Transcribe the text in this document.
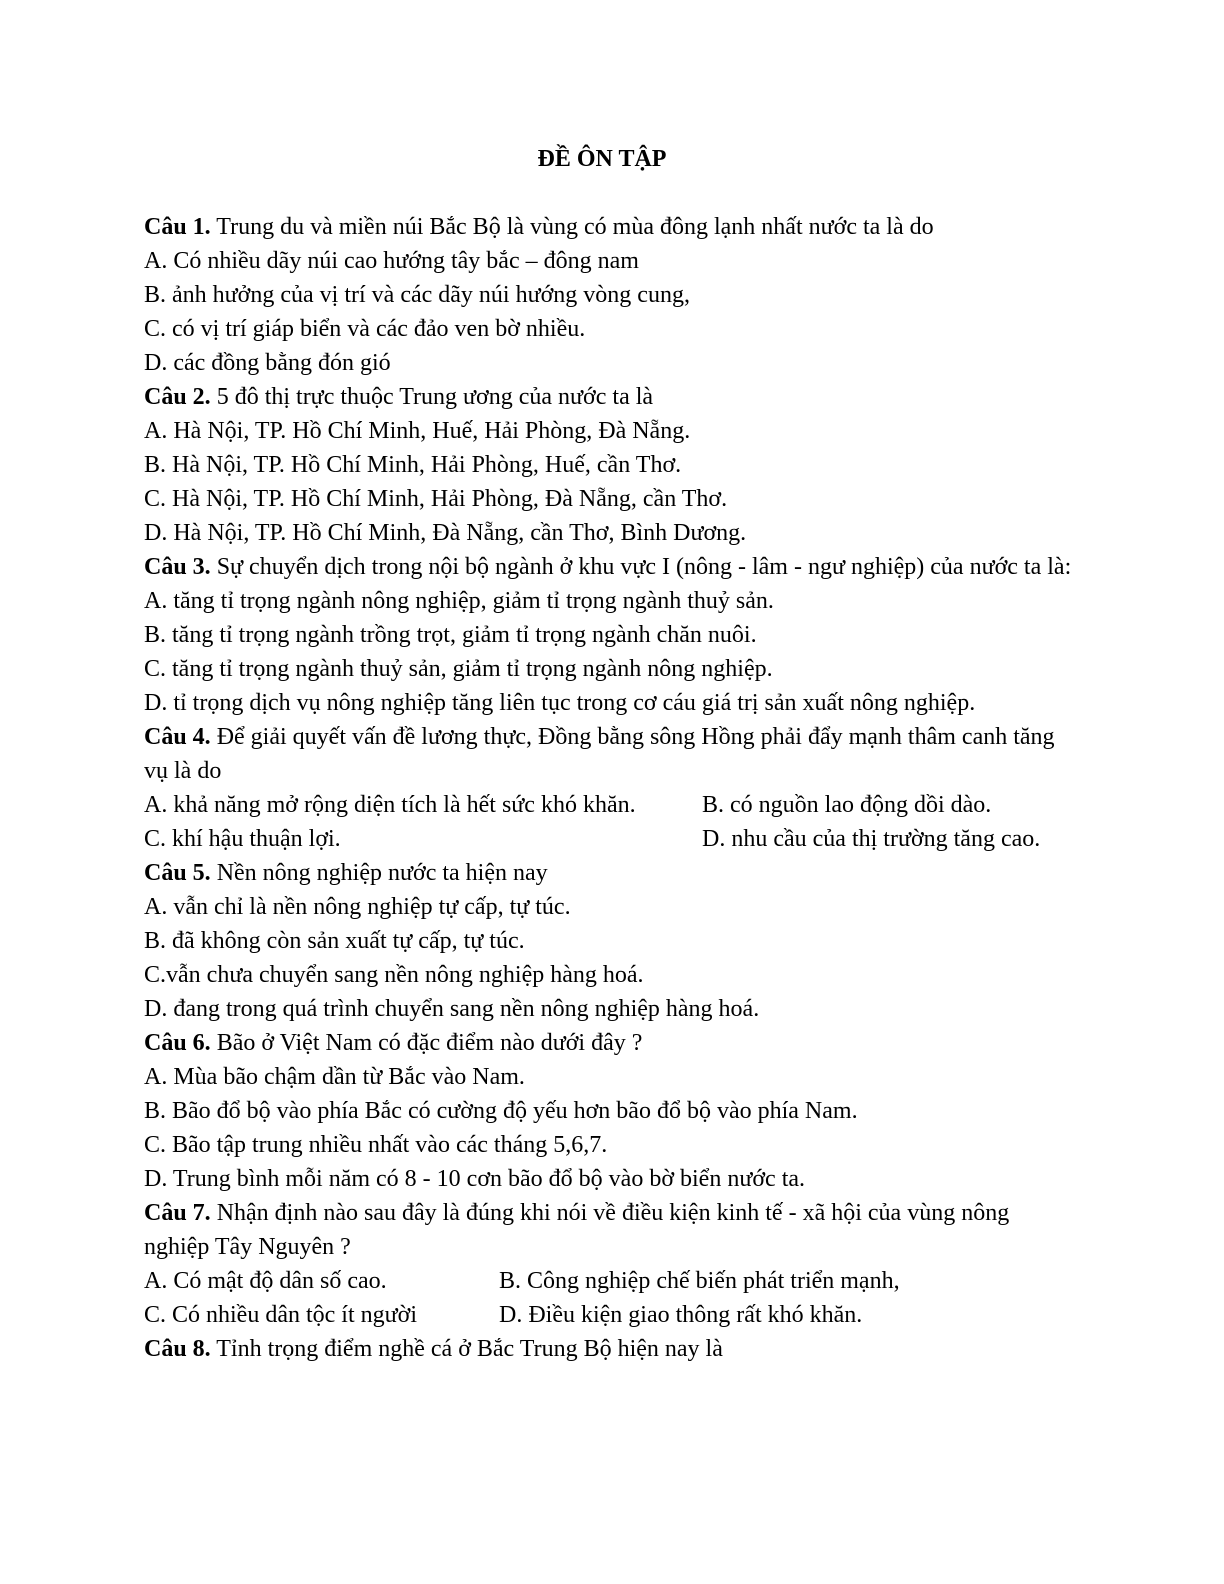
ĐỀ ÔN TẬP

Câu 1. Trung du và miền núi Bắc Bộ là vùng có mùa đông lạnh nhất nước ta là do

A. Có nhiều dãy núi cao hướng tây bắc – đông nam

B. ảnh hưởng của vị trí và các dãy núi hướng vòng cung,

C. có vị trí giáp biển và các đảo ven bờ nhiều.

D. các đồng bằng đón gió

Câu 2. 5 đô thị trực thuộc Trung ương của nước ta là

A. Hà Nội, TP. Hồ Chí Minh, Huế, Hải Phòng, Đà Nẵng.

B. Hà Nội, TP. Hồ Chí Minh, Hải Phòng, Huế, cần Thơ.

C. Hà Nội, TP. Hồ Chí Minh, Hải Phòng, Đà Nẵng, cần Thơ.

D. Hà Nội, TP. Hồ Chí Minh, Đà Nẵng, cần Thơ, Bình Dương.

Câu 3. Sự chuyển dịch trong nội bộ ngành ở khu vực I (nông - lâm - ngư nghiệp) của nước ta là:

A. tăng tỉ trọng ngành nông nghiệp, giảm tỉ trọng ngành thuỷ sản.

B. tăng tỉ trọng ngành trồng trọt, giảm tỉ trọng ngành chăn nuôi.

C. tăng tỉ trọng ngành thuỷ sản, giảm tỉ trọng ngành nông nghiệp.

D. tỉ trọng dịch vụ nông nghiệp tăng liên tục trong cơ cáu giá trị sản xuất nông nghiệp.

Câu 4. Để giải quyết vấn đề lương thực, Đồng bằng sông Hồng phải đẩy mạnh thâm canh tăng vụ là do

A. khả năng mở rộng diện tích là hết sức khó khăn.	B. có nguồn lao động dồi dào.
C. khí hậu thuận lợi.	D. nhu cầu của thị trường tăng cao.

Câu 5. Nền nông nghiệp nước ta hiện nay

A. vẫn chỉ là nền nông nghiệp tự cấp, tự túc.

B. đã không còn sản xuất tự cấp, tự túc.

C.vẫn chưa chuyển sang nền nông nghiệp hàng hoá.

D. đang trong quá trình chuyển sang nền nông nghiệp hàng hoá.

Câu 6. Bão ở Việt Nam có đặc điểm nào dưới đây ?

A. Mùa bão chậm dần từ Bắc vào Nam.

B. Bão đổ bộ vào phía Bắc có cường độ yếu hơn bão đổ bộ vào phía Nam.

C. Bão tập trung nhiều nhất vào các tháng 5,6,7.

D. Trung bình mỗi năm có 8 - 10 cơn bão đổ bộ vào bờ biển nước ta.

Câu 7. Nhận định nào sau đây là đúng khi nói về điều kiện kinh tế - xã hội của vùng nông nghiệp Tây Nguyên ?

A. Có mật độ dân số cao.	B. Công nghiệp chế biến phát triển mạnh,
C. Có nhiều dân tộc ít người	D. Điều kiện giao thông rất khó khăn.

Câu 8. Tỉnh trọng điểm nghề cá ở Bắc Trung Bộ hiện nay là
